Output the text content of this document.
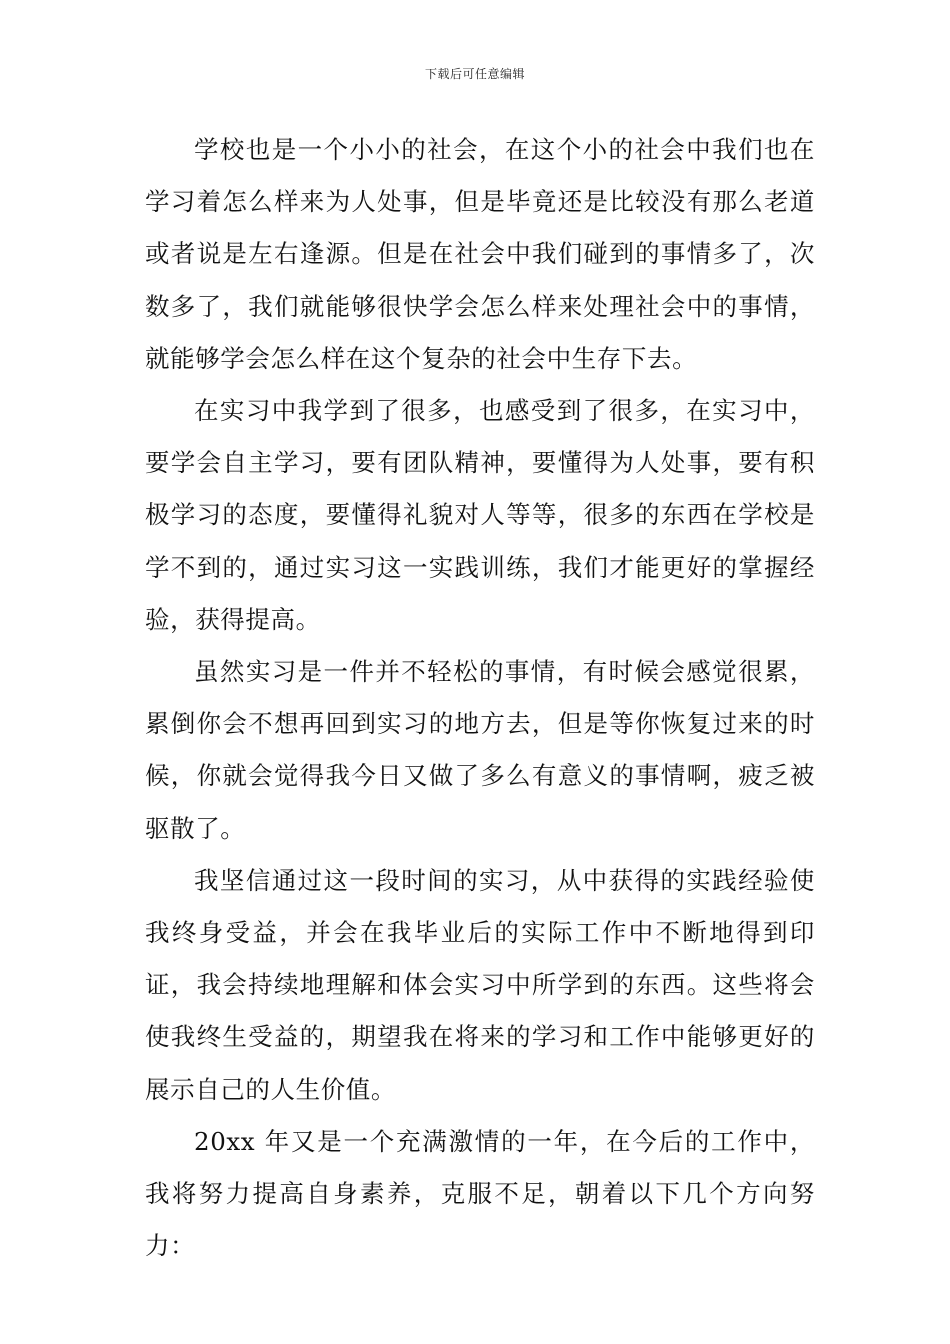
下载后可任意编辑

学校也是一个小小的社会，在这个小的社会中我们也在学习着怎么样来为人处事，但是毕竟还是比较没有那么老道或者说是左右逢源。但是在社会中我们碰到的事情多了，次数多了，我们就能够很快学会怎么样来处理社会中的事情，就能够学会怎么样在这个复杂的社会中生存下去。

在实习中我学到了很多，也感受到了很多，在实习中，要学会自主学习，要有团队精神，要懂得为人处事，要有积极学习的态度，要懂得礼貌对人等等，很多的东西在学校是学不到的，通过实习这一实践训练，我们才能更好的掌握经验，获得提高。

虽然实习是一件并不轻松的事情，有时候会感觉很累，累倒你会不想再回到实习的地方去，但是等你恢复过来的时候，你就会觉得我今日又做了多么有意义的事情啊，疲乏被驱散了。

我坚信通过这一段时间的实习，从中获得的实践经验使我终身受益，并会在我毕业后的实际工作中不断地得到印证，我会持续地理解和体会实习中所学到的东西。这些将会使我终生受益的，期望我在将来的学习和工作中能够更好的展示自己的人生价值。

20xx 年又是一个充满激情的一年，在今后的工作中，我将努力提高自身素养，克服不足，朝着以下几个方向努力：
